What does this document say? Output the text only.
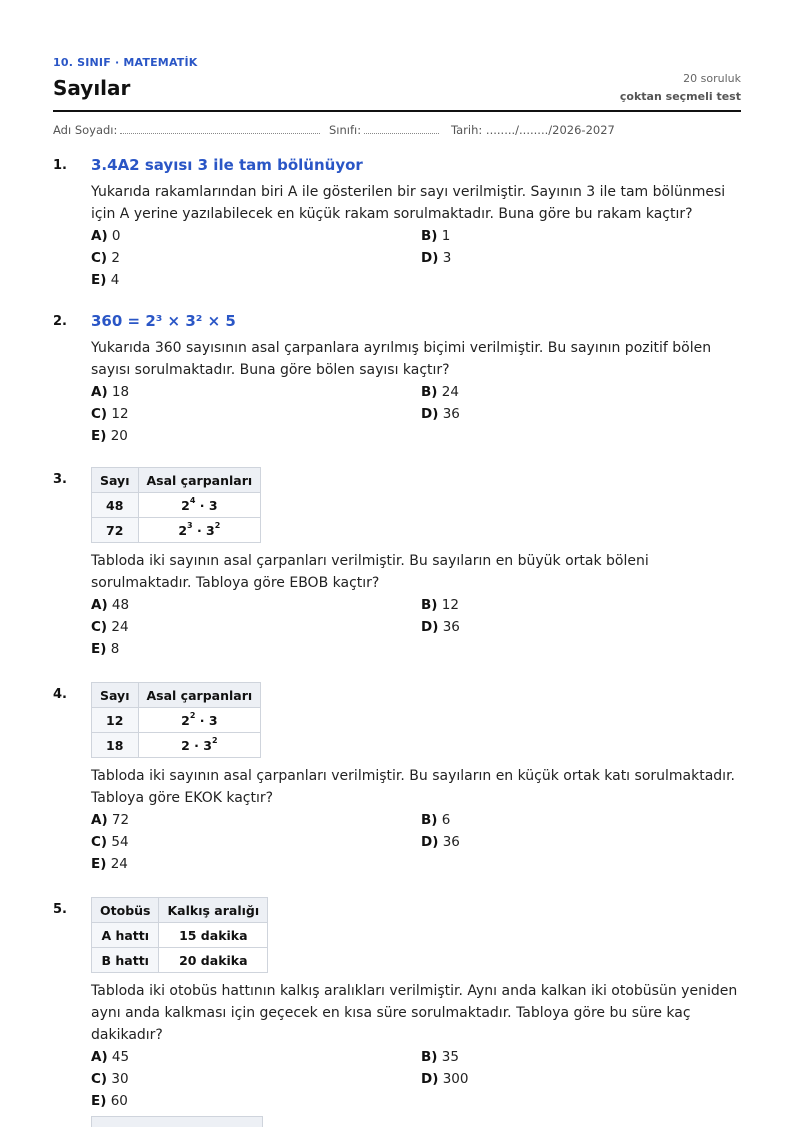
10. SINIF · MATEMATİK
Sayılar	20 soruluk
çoktan seçmeli test
Adı Soyadı:	Sınıfı:	Tarih: ......../......../2026-2027
1. 3.4A2 sayısı 3 ile tam bölünüyor
Yukarıda rakamlarından biri A ile gösterilen bir sayı verilmiştir. Sayının 3 ile tam bölünmesi için A yerine yazılabilecek en küçük rakam sorulmaktadır. Buna göre bu rakam kaçtır?
A) 0	B) 1
C) 2	D) 3
E) 4
2. 360 = 2³ × 3² × 5
Yukarıda 360 sayısının asal çarpanlara ayrılmış biçimi verilmiştir. Bu sayının pozitif bölen sayısı sorulmaktadır. Buna göre bölen sayısı kaçtır?
A) 18	B) 24
C) 12	D) 36
E) 20
3.	Sayı	Asal çarpanları
48	$2^4 \cdot 3$
72	$2^3 \cdot 3^2$
Tabloda iki sayının asal çarpanları verilmiştir. Bu sayıların en büyük ortak böleni sorulmaktadır. Tabloya göre EBOB kaçtır?
A) 48	B) 12
C) 24	D) 36
E) 8
4.	Sayı	Asal çarpanları
12	$2^2 \cdot 3$
18	$2 \cdot 3^2$
Tabloda iki sayının asal çarpanları verilmiştir. Bu sayıların en küçük ortak katı sorulmaktadır. Tabloya göre EKOK kaçtır?
A) 72	B) 6
C) 54	D) 36
E) 24
5.	Otobüs	Kalkış aralığı
A hattı	15 dakika
B hattı	20 dakika
Tabloda iki otobüs hattının kalkış aralıkları verilmiştir. Aynı anda kalkan iki otobüsün yeniden aynı anda kalkması için geçecek en kısa süre sorulmaktadır. Tabloya göre bu süre kaç dakikadır?
A) 45	B) 35
C) 30	D) 300
E) 60
